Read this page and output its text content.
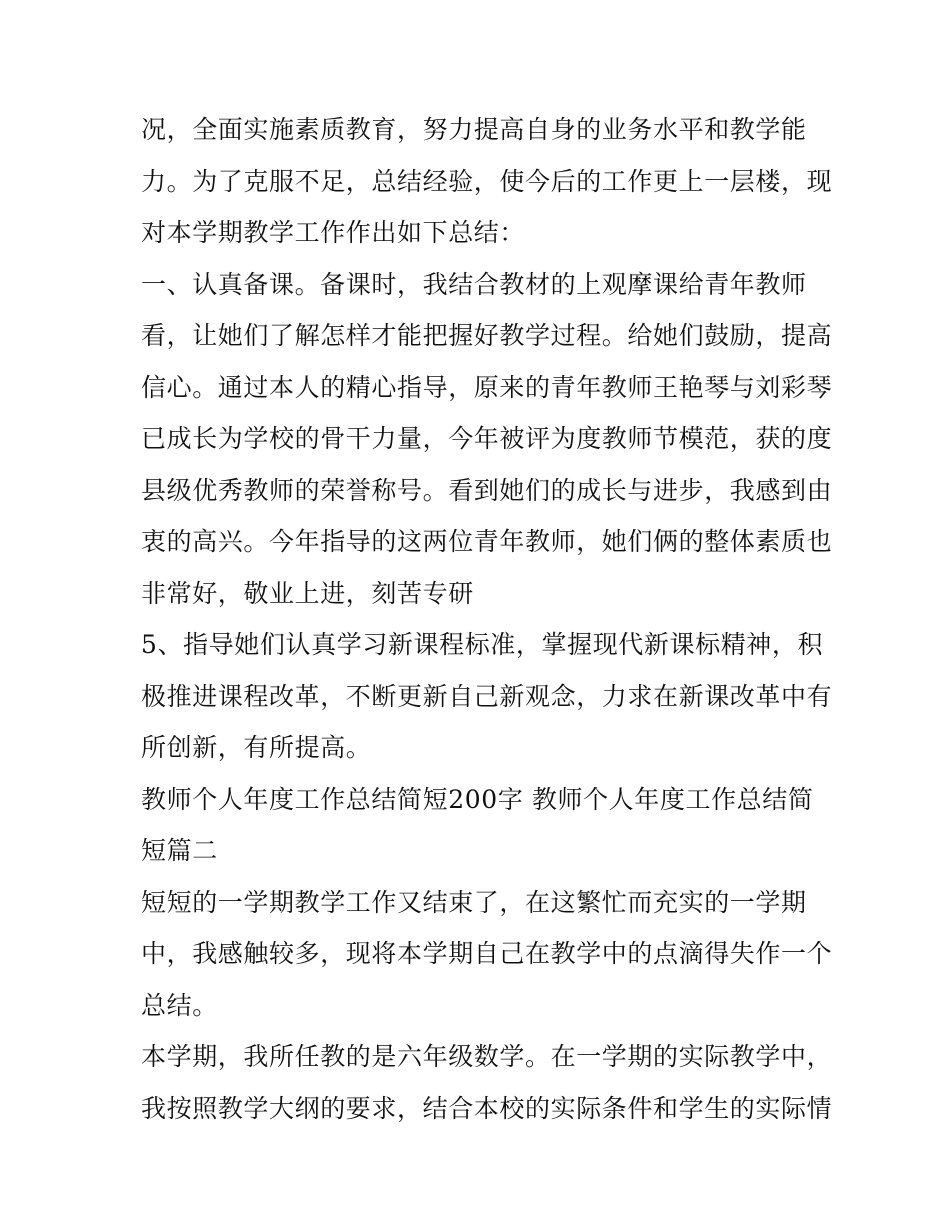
况，全面实施素质教育，努力提高自身的业务水平和教学能
力。为了克服不足，总结经验，使今后的工作更上一层楼，现
对本学期教学工作作出如下总结：
一、认真备课。备课时，我结合教材的上观摩课给青年教师
看，让她们了解怎样才能把握好教学过程。给她们鼓励，提高
信心。通过本人的精心指导，原来的青年教师王艳琴与刘彩琴
已成长为学校的骨干力量，今年被评为度教师节模范，获的度
县级优秀教师的荣誉称号。看到她们的成长与进步，我感到由
衷的高兴。今年指导的这两位青年教师，她们俩的整体素质也
非常好，敬业上进，刻苦专研
5、指导她们认真学习新课程标准，掌握现代新课标精神，积
极推进课程改革，不断更新自己新观念，力求在新课改革中有
所创新，有所提高。
教师个人年度工作总结简短200字 教师个人年度工作总结简
短篇二
短短的一学期教学工作又结束了，在这繁忙而充实的一学期
中，我感触较多，现将本学期自己在教学中的点滴得失作一个
总结。
本学期，我所任教的是六年级数学。在一学期的实际教学中，
我按照教学大纲的要求，结合本校的实际条件和学生的实际情
